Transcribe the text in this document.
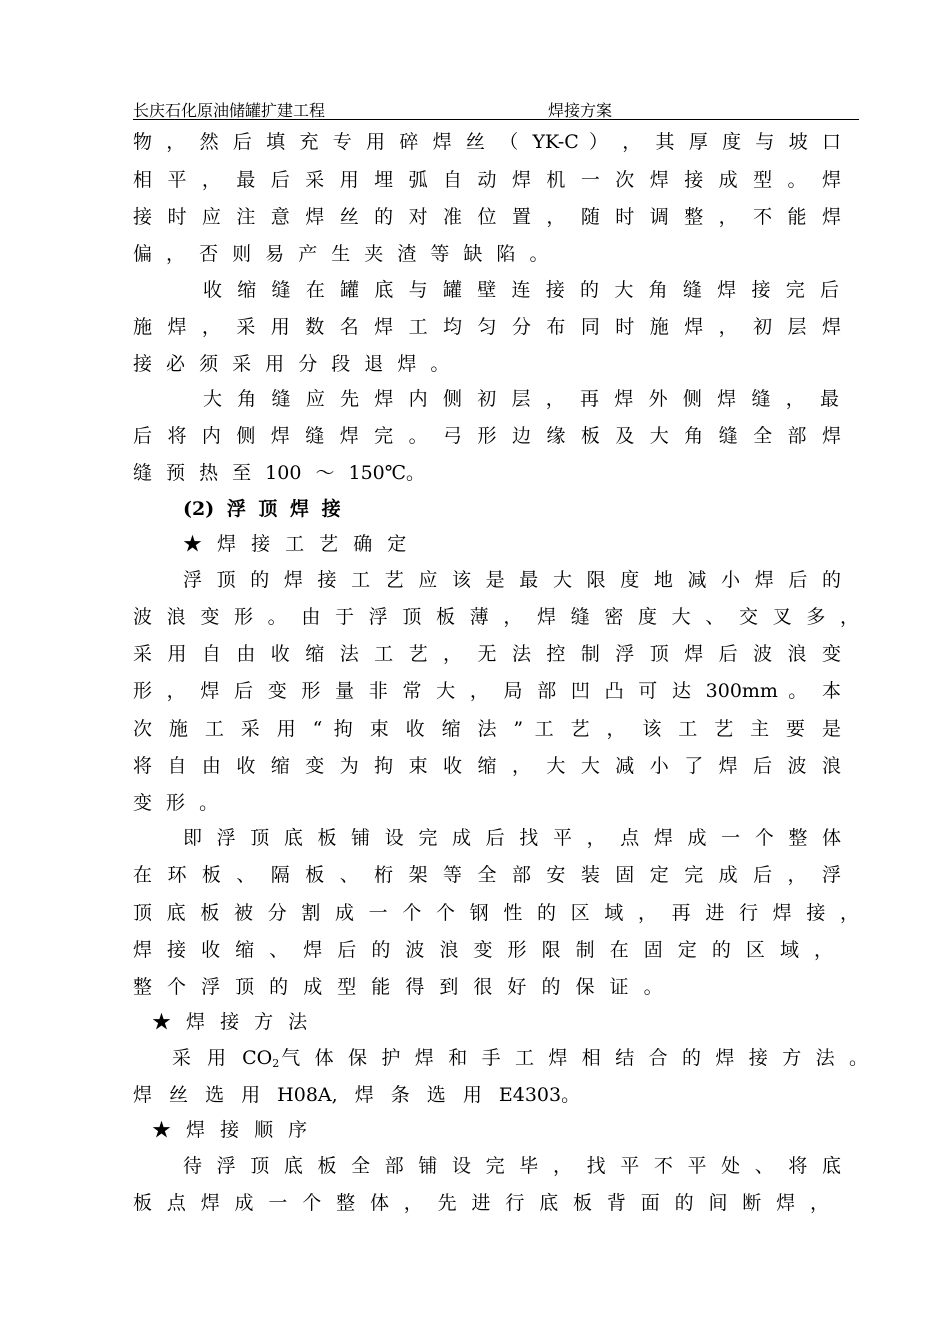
长庆石化原油储罐扩建工程	焊接方案
物 ， 然 后 填 充 专 用 碎 焊 丝 （ YK-C ） ， 其 厚 度 与 坡 口
相 平 ， 最 后 采 用 埋 弧 自 动 焊 机 一 次 焊 接 成 型 。 焊
接 时 应 注 意 焊 丝 的 对 准 位 置 ， 随 时 调 整 ， 不 能 焊
偏 ， 否 则 易 产 生 夹 渣 等 缺 陷 。
收 缩 缝 在 罐 底 与 罐 壁 连 接 的 大 角 缝 焊 接 完 后
施 焊 ， 采 用 数 名 焊 工 均 匀 分 布 同 时 施 焊 ， 初 层 焊
接 必 须 采 用 分 段 退 焊 。
大 角 缝 应 先 焊 内 侧 初 层 ， 再 焊 外 侧 焊 缝 ， 最
后 将 内 侧 焊 缝 焊 完 。 弓 形 边 缘 板 及 大 角 缝 全 部 焊
缝 预 热 至 100 ～ 150℃。
(2) 浮 顶 焊 接
★ 焊 接 工 艺 确 定
浮 顶 的 焊 接 工 艺 应 该 是 最 大 限 度 地 减 小 焊 后 的
波 浪 变 形 。 由 于 浮 顶 板 薄 ， 焊 缝 密 度 大 、 交 叉 多 ，
采 用 自 由 收 缩 法 工 艺 ， 无 法 控 制 浮 顶 焊 后 波 浪 变
形 ， 焊 后 变 形 量 非 常 大 ， 局 部 凹 凸 可 达 300mm 。 本
次 施 工 采 用 “ 拘 束 收 缩 法 ” 工 艺 ， 该 工 艺 主 要 是
将 自 由 收 缩 变 为 拘 束 收 缩 ， 大 大 减 小 了 焊 后 波 浪
变 形 。
即 浮 顶 底 板 铺 设 完 成 后 找 平 ， 点 焊 成 一 个 整 体
在 环 板 、 隔 板 、 桁 架 等 全 部 安 装 固 定 完 成 后 ， 浮
顶 底 板 被 分 割 成 一 个 个 钢 性 的 区 域 ， 再 进 行 焊 接 ，
焊 接 收 缩 、 焊 后 的 波 浪 变 形 限 制 在 固 定 的 区 域 ，
整 个 浮 顶 的 成 型 能 得 到 很 好 的 保 证 。
★ 焊 接 方 法
采 用 $CO_2$ 气 体 保 护 焊 和 手 工 焊 相 结 合 的 焊 接 方 法 。
焊 丝 选 用 H08A, 焊 条 选 用 E4303。
★ 焊 接 顺 序
待 浮 顶 底 板 全 部 铺 设 完 毕 ， 找 平 不 平 处 、 将 底
板 点 焊 成 一 个 整 体 ， 先 进 行 底 板 背 面 的 间 断 焊 ，
